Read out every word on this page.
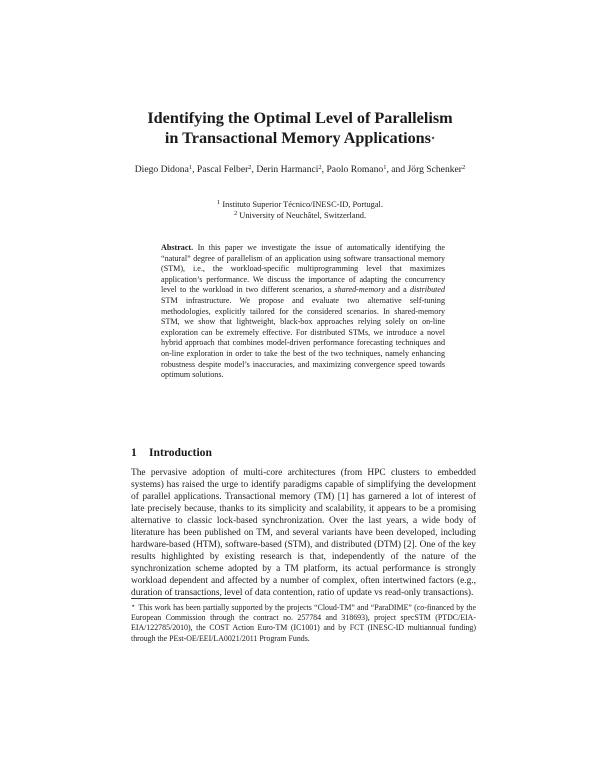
Identifying the Optimal Level of Parallelism
in Transactional Memory Applications⋆
Diego Didona$^1$, Pascal Felber$^2$, Derin Harmanci$^2$, Paolo Romano$^1$, and Jörg Schenker$^2$

$^1$ Instituto Superior Técnico/INESC-ID, Portugal.

$^2$ University of Neuchâtel, Switzerland.

Abstract. In this paper we investigate the issue of automatically identifying the “natural” degree of parallelism of an application using software transactional memory (STM), i.e., the workload-specific multiprogramming level that maximizes application’s performance. We discuss the importance of adapting the concurrency level to the workload in two different scenarios, a shared-memory and a distributed STM infrastructure. We propose and evaluate two alternative self-tuning methodologies, explicitly tailored for the considered scenarios. In shared-memory STM, we show that lightweight, black-box approaches relying solely on on-line exploration can be extremely effective. For distributed STMs, we introduce a novel hybrid approach that combines model-driven performance forecasting techniques and on-line exploration in order to take the best of the two techniques, namely enhancing robustness despite model’s inaccuracies, and maximizing convergence speed towards optimum solutions.
1 Introduction

The pervasive adoption of multi-core architectures (from HPC clusters to embedded systems) has raised the urge to identify paradigms capable of simplifying the development of parallel applications. Transactional memory (TM) [1] has garnered a lot of interest of late precisely because, thanks to its simplicity and scalability, it appears to be a promising alternative to classic lock-based synchronization. Over the last years, a wide body of literature has been published on TM, and several variants have been developed, including hardware-based (HTM), software-based (STM), and distributed (DTM) [2]. One of the key results highlighted by existing research is that, independently of the nature of the synchronization scheme adopted by a TM platform, its actual performance is strongly workload dependent and affected by a number of complex, often intertwined factors (e.g., duration of transactions, level of data contention, ratio of update vs read-only transactions).

⋆ This work has been partially supported by the projects “Cloud-TM” and “ParaDIME” (co-financed by the European Commission through the contract no. 257784 and 318693), project specSTM (PTDC/EIA-EIA/122785/2010), the COST Action Euro-TM (IC1001) and by FCT (INESC-ID multiannual funding) through the PEst-OE/EEI/LA0021/2011 Program Funds.
